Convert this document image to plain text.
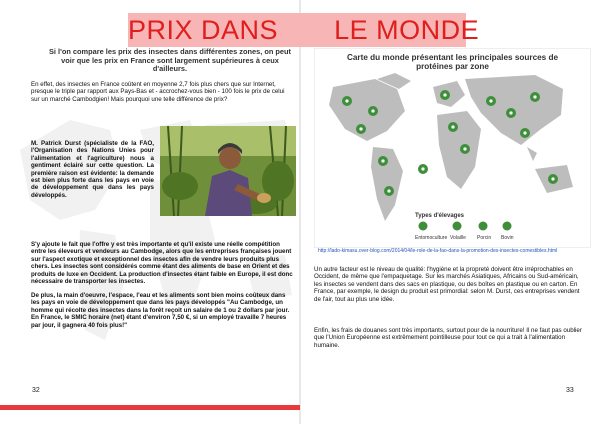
PRIX DANS LE MONDE

Si l'on compare les prix des insectes dans différentes zones, on peut voir que les prix en France sont largement supérieures à ceux d'ailleurs.

En effet, des insectes en France coûtent en moyenne 2,7 fois plus chers que sur Internet, presque le triple par rapport aux Pays-Bas et - accrochez-vous bien - 100 fois le prix de celui sur un marché Cambodgien! Mais pourquoi une telle différence de prix?

M. Patrick Durst (spécialiste de la FAO, l'Organisation des Nations Unies pour l'alimentation et l'agriculture) nous a gentiment éclairé sur cette question. La première raison est évidente: la demande est bien plus forte dans les pays en voie de développement que dans les pays développés.

S'y ajoute le fait que l'offre y est très importante et qu'il existe une réelle compétition entre les éleveurs et vendeurs au Cambodge, alors que les entreprises françaises jouent sur l'aspect exotique et exceptionnel des insectes afin de vendre leurs produits plus chers. Les insectes sont considérés comme étant des aliments de base en Orient et des produits de luxe en Occident. La production d'insectes étant faible en Europe, il est donc nécessaire de transporter les insectes.

De plus, la main d'oeuvre, l'espace, l'eau et les aliments sont bien moins coûteux dans les pays en voie de développement que dans les pays développés "Au Cambodge, un homme qui récolte des insectes dans la forêt reçoit un salaire de 1 ou 2 dollars par jour. En France, le SMIC horaire (net) étant d'environ 7,50 €, si un employé travaille 7 heures par jour, il gagnera 40 fois plus!"

32
Carte du monde présentant les principales sources de
protéines par zone
Types d'élevages
Entomoculture Volaille Porcin Bovin
http://lado-kimasu.over-blog.com/2014/04/le-role-de-la-fao-dans-la-promotion-des-insectes-comestibles.html

Un autre facteur est le niveau de qualité: l'hygiène et la propreté doivent être irréprochables en Occident, de même que l'empaquetage. Sur les marchés Asiatiques, Africains ou Sud-américain, les insectes se vendent dans des sacs en plastique, ou des boîtes en plastique ou en carton. En France, par exemple, le design du produit est primordial: selon M. Durst, ces entreprises vendent de l'air, tout au plus une idée.

Enfin, les frais de douanes sont très importants, surtout pour de la nourriture! Il ne faut pas oublier que l'Union Européenne est extrêmement pointilleuse pour tout ce qui a trait à l'alimentation humaine.

33
